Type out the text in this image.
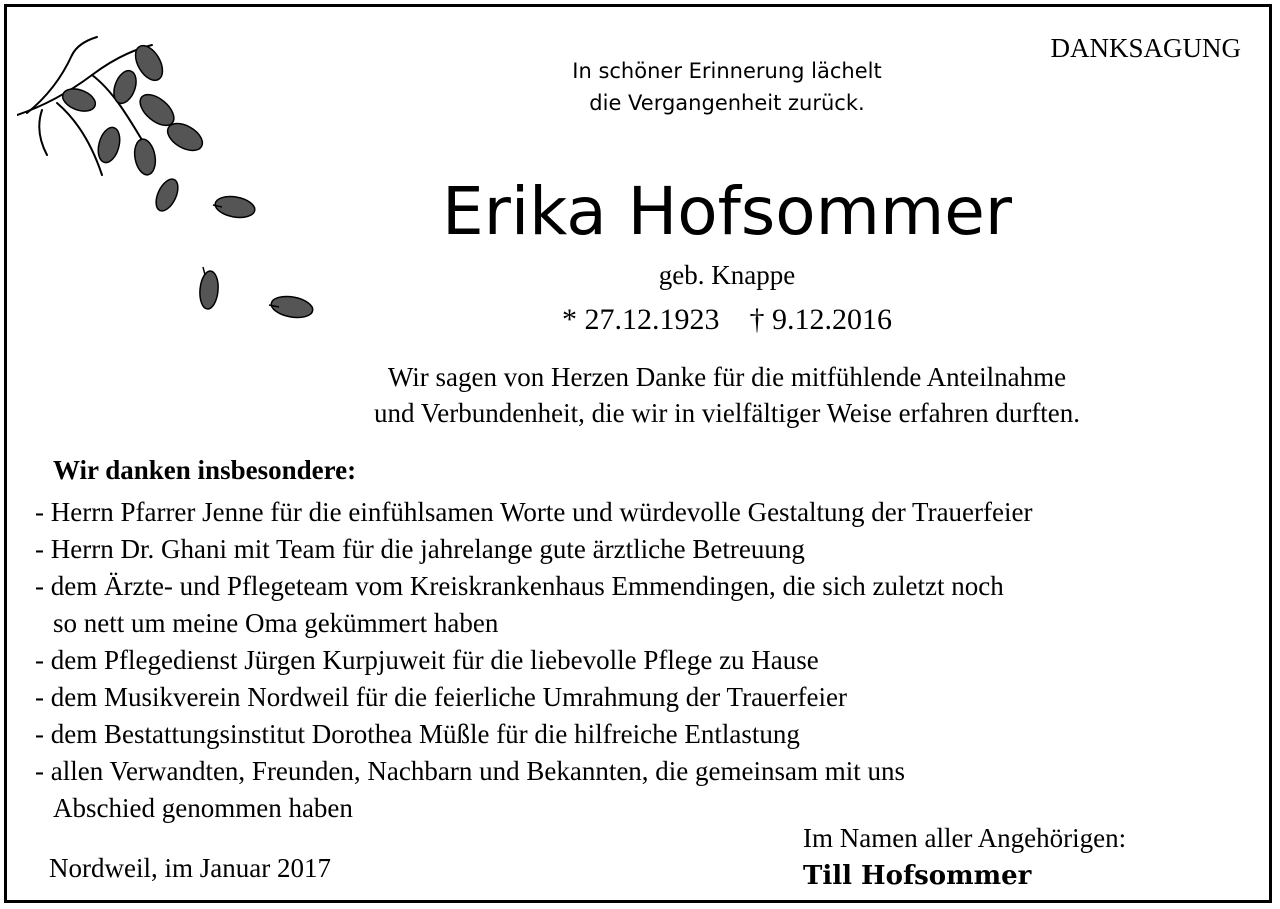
DANKSAGUNG
In schöner Erinnerung lächelt
die Vergangenheit zurück.
Erika Hofsommer
geb. Knappe
* 27.12.1923 † 9.12.2016
Wir sagen von Herzen Danke für die mitfühlende Anteilnahme
und Verbundenheit, die wir in vielfältiger Weise erfahren durften.
Wir danken insbesondere:
- Herrn Pfarrer Jenne für die einfühlsamen Worte und würdevolle Gestaltung der Trauerfeier
- Herrn Dr. Ghani mit Team für die jahrelange gute ärztliche Betreuung
- dem Ärzte- und Pflegeteam vom Kreiskrankenhaus Emmendingen, die sich zuletzt noch
so nett um meine Oma gekümmert haben
- dem Pflegedienst Jürgen Kurpjuweit für die liebevolle Pflege zu Hause
- dem Musikverein Nordweil für die feierliche Umrahmung der Trauerfeier
- dem Bestattungsinstitut Dorothea Müßle für die hilfreiche Entlastung
- allen Verwandten, Freunden, Nachbarn und Bekannten, die gemeinsam mit uns
Abschied genommen haben
Nordweil, im Januar 2017
Im Namen aller Angehörigen:
Till Hofsommer
